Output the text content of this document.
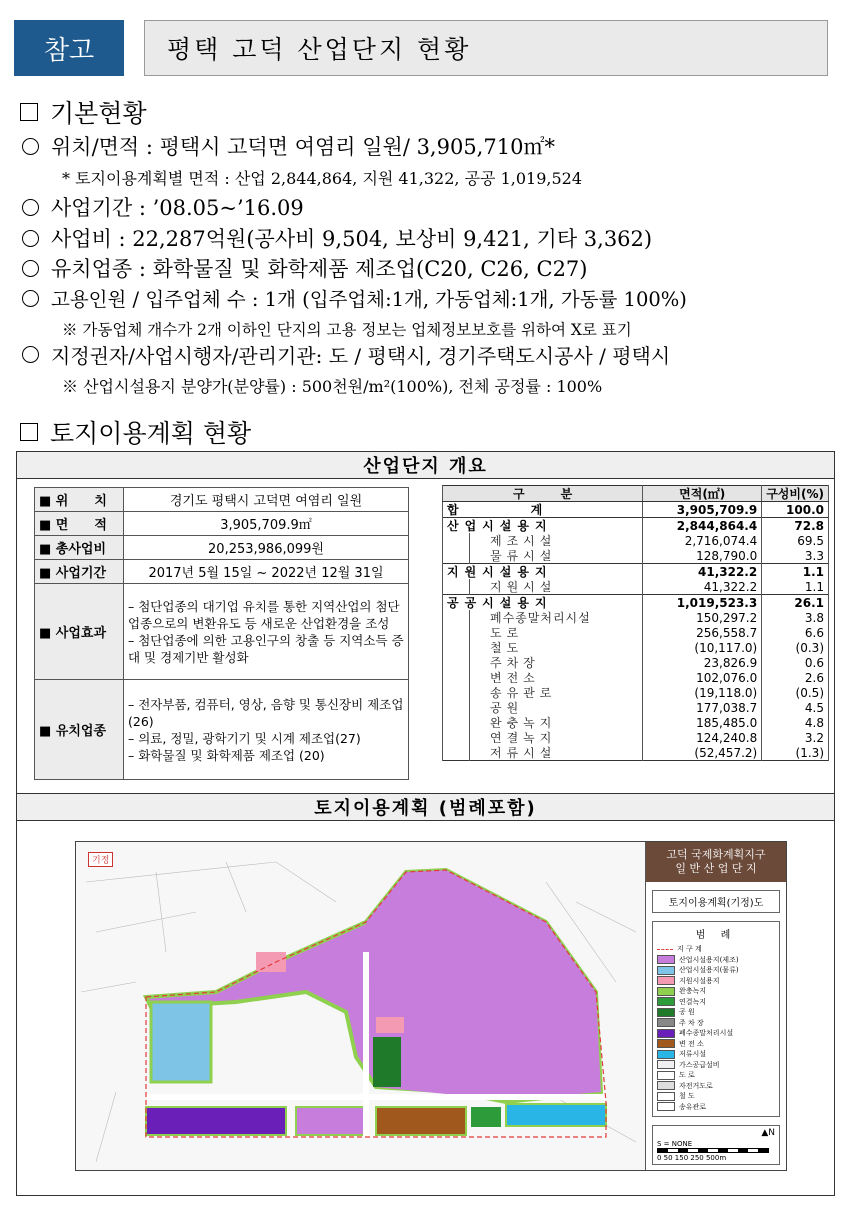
참고	평택 고덕 산업단지 현황
기본현황
위치/면적 : 평택시 고덕면 여염리 일원/ 3,905,710㎡*
* 토지이용계획별 면적 : 산업 2,844,864, 지원 41,322, 공공 1,019,524
사업기간 : ’08.05~’16.09
사업비 : 22,287억원(공사비 9,504, 보상비 9,421, 기타 3,362)
유치업종 : 화학물질 및 화학제품 제조업(C20, C26, C27)
고용인원 / 입주업체 수 : 1개 (입주업체:1개, 가동업체:1개, 가동률 100%)
※ 가동업체 개수가 2개 이하인 단지의 고용 정보는 업체정보보호를 위하여 X로 표기
지정권자/사업시행자/관리기관: 도 / 평택시, 경기주택도시공사 / 평택시
※ 산업시설용지 분양가(분양률) : 500천원/m²(100%), 전체 공정률 : 100%
토지이용계획 현황
산업단지 개요
■ 위　　치	경기도 평택시 고덕면 여염리 일원
■ 면　　적	3,905,709.9㎡
■ 총사업비	20,253,986,099원
■ 사업기간	2017년 5월 15일 ~ 2022년 12월 31일
■ 사업효과	– 첨단업종의 대기업 유치를 통한 지역산업의 첨단업종으로의 변환유도 등 새로운 산업환경을 조성
– 첨단업종에 의한 고용인구의 창출 등 지역소득 증대 및 경제기반 활성화

■ 유치업종	– 전자부품, 컴퓨터, 영상, 음향 및 통신장비 제조업 (26)
– 의료, 정밀, 광학기기 및 시계 제조업(27)
– 화학물질 및 화학제품 제조업 (20)
구　　　분		면적(㎡)	구성비(%)
합　　　　　　계		3,905,709.9	100.0
산업시설용지		2,844,864.4	72.8
	제조시설	2,716,074.4	69.5
	물류시설	128,790.0	3.3
지원시설용지		41,322.2	1.1
	지원시설	41,322.2	1.1
공공시설용지		1,019,523.3	26.1
	폐수종말처리시설	150,297.2	3.8
	도로	256,558.7	6.6
	철도	(10,117.0)	(0.3)
	주차장	23,826.9	0.6
	변전소	102,076.0	2.6
	송유관로	(19,118.0)	(0.5)
	공원	177,038.7	4.5
	완충녹지	185,485.0	4.8
	연결녹지	124,240.8	3.2
	저류시설	(52,457.2)	(1.3)
토지이용계획 (범례포함)
기정	고덕 국제화계획지구
일 반 산 업 단 지
토지이용계획(기정)도
범 례
지 구 계
산업시설용지(제조)
산업시설용지(물류)
지원시설용지
완충녹지
연결녹지
공 원
주 차 장
폐수종말처리시설
변 전 소
저류시설
가스공급설비
도 로
자전거도로
철 도
송유관로
▲N
S = NONE
0 50 150 250 500m
